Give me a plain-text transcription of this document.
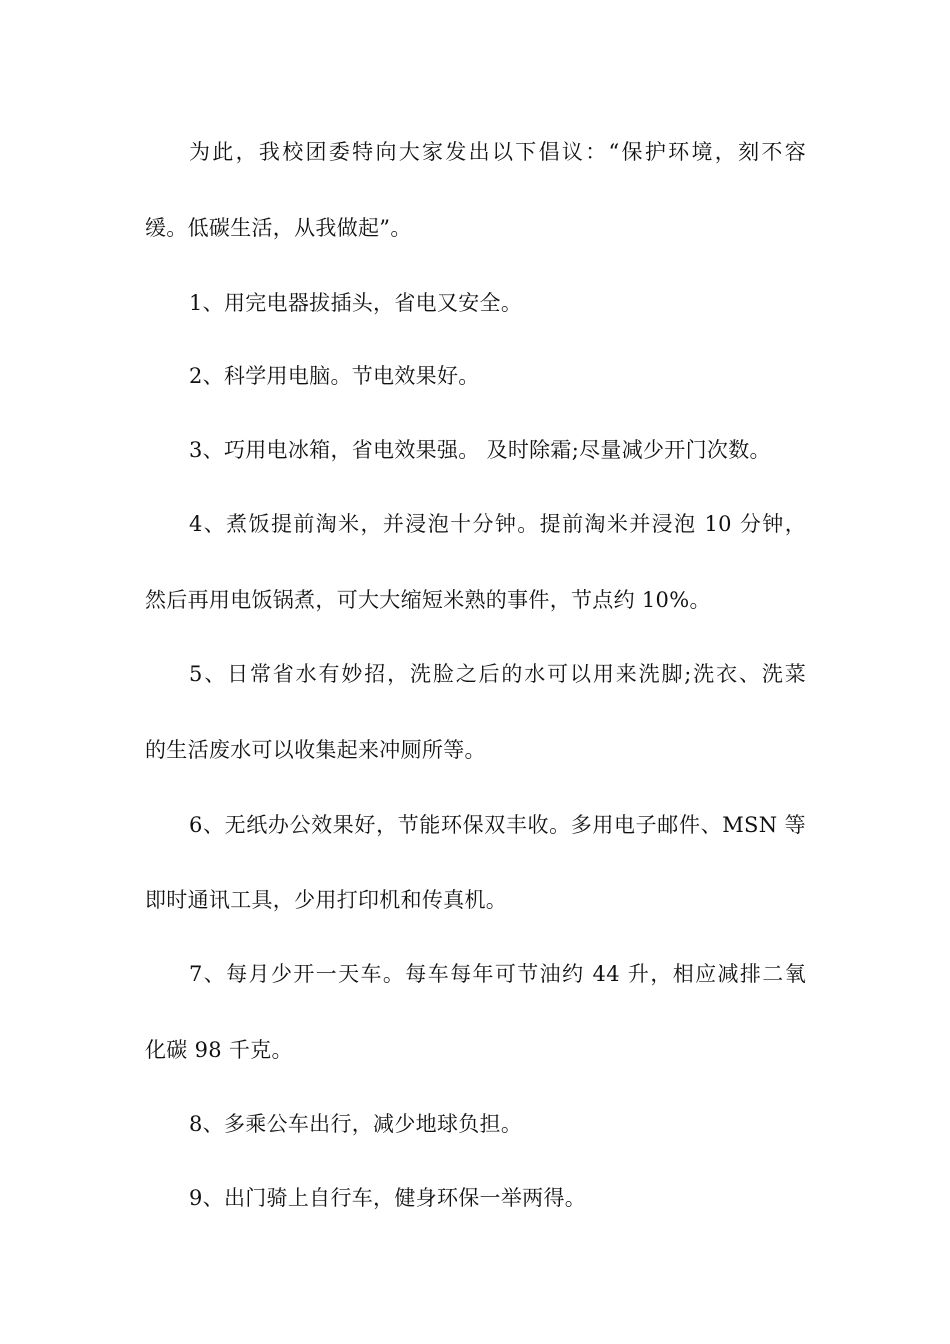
为此，我校团委特向大家发出以下倡议：“保护环境，刻不容
缓。低碳生活，从我做起”。
1、用完电器拔插头，省电又安全。
2、科学用电脑。节电效果好。
3、巧用电冰箱，省电效果强。 及时除霜;尽量减少开门次数。
4、煮饭提前淘米，并浸泡十分钟。提前淘米并浸泡 10 分钟，
然后再用电饭锅煮，可大大缩短米熟的事件，节点约 10%。
5、日常省水有妙招，洗脸之后的水可以用来洗脚;洗衣、洗菜
的生活废水可以收集起来冲厕所等。
6、无纸办公效果好，节能环保双丰收。多用电子邮件、MSN 等
即时通讯工具，少用打印机和传真机。
7、每月少开一天车。每车每年可节油约 44 升，相应减排二氧
化碳 98 千克。
8、多乘公车出行，减少地球负担。
9、出门骑上自行车，健身环保一举两得。
